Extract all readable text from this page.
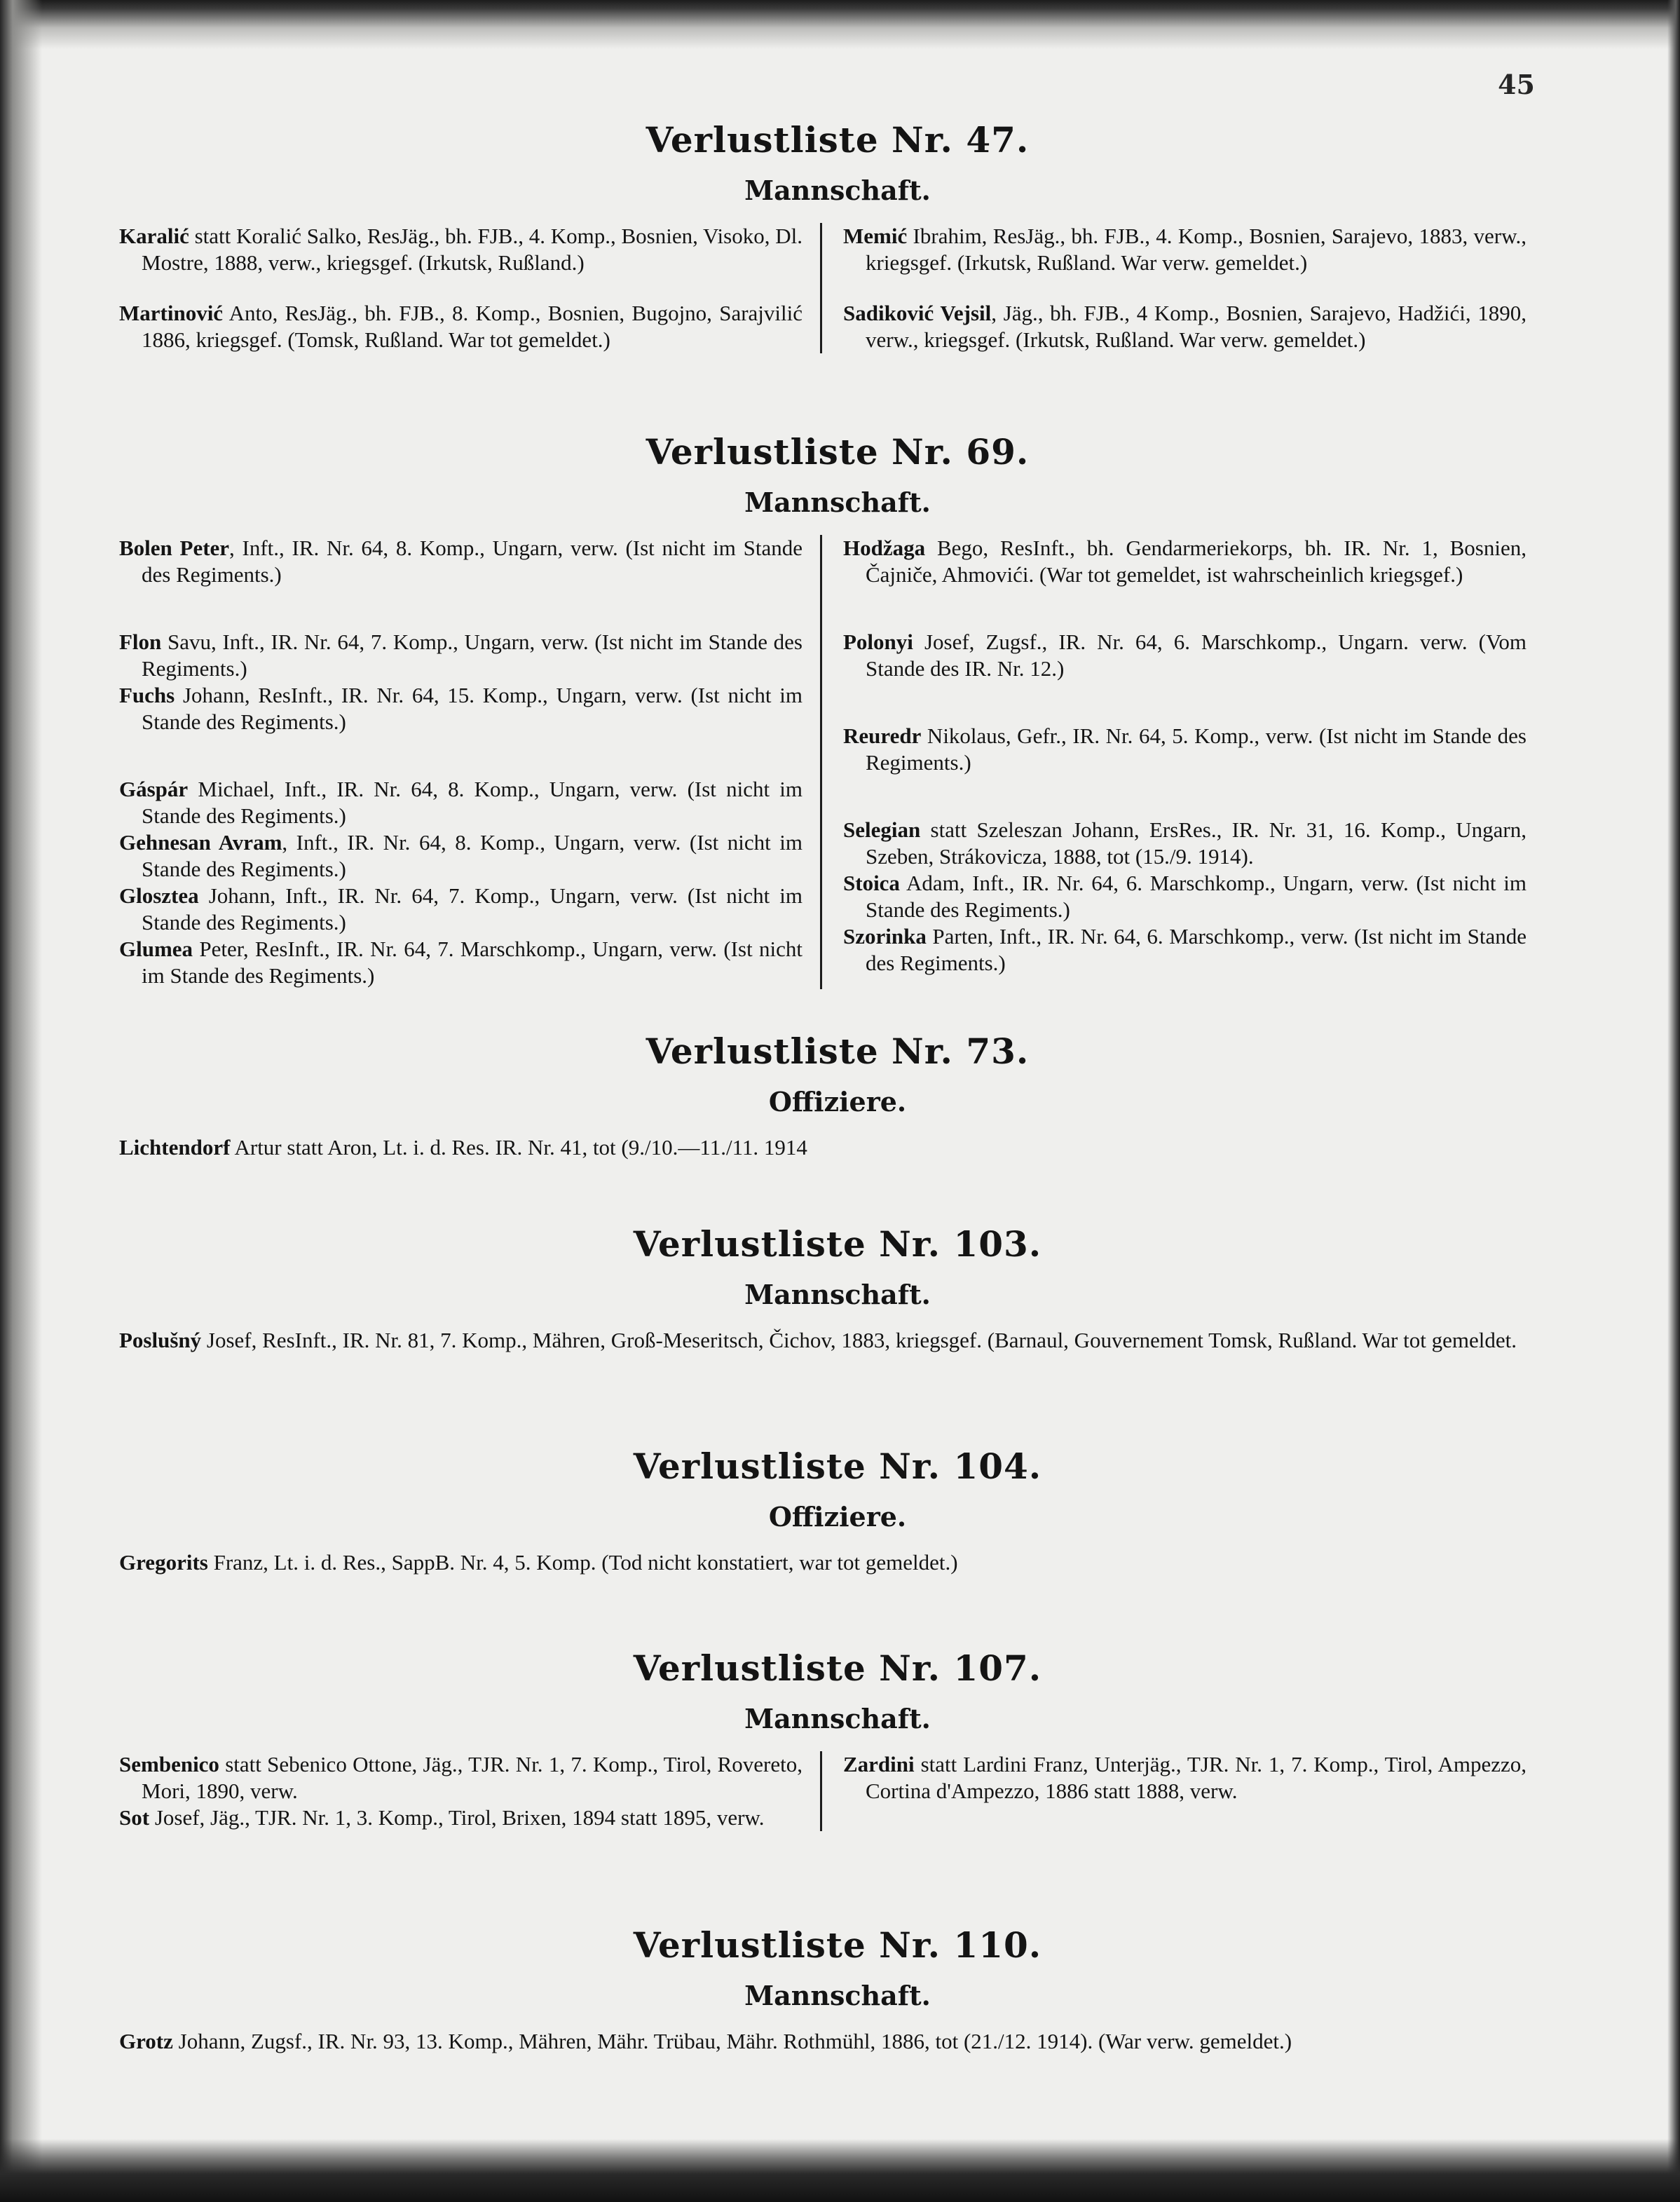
45
Verlustliste Nr. 47.
Mannschaft.

Karalić statt Koralić Salko, ResJäg., bh. FJB., 4. Komp., Bosnien, Visoko, Dl. Mostre, 1888, verw., kriegsgef. (Irkutsk, Rußland.)

Martinović Anto, ResJäg., bh. FJB., 8. Komp., Bosnien, Bugojno, Sarajvilić 1886, kriegsgef. (Tomsk, Rußland. War tot gemeldet.)

Memić Ibrahim, ResJäg., bh. FJB., 4. Komp., Bosnien, Sarajevo, 1883, verw., kriegsgef. (Irkutsk, Rußland. War verw. gemeldet.)

Sadiković Vejsil, Jäg., bh. FJB., 4 Komp., Bosnien, Sarajevo, Hadžići, 1890, verw., kriegsgef. (Irkutsk, Rußland. War verw. gemeldet.)

Verlustliste Nr. 69.
Mannschaft.

Bolen Peter, Inft., IR. Nr. 64, 8. Komp., Ungarn, verw. (Ist nicht im Stande des Regiments.)

Flon Savu, Inft., IR. Nr. 64, 7. Komp., Ungarn, verw. (Ist nicht im Stande des Regiments.)

Fuchs Johann, ResInft., IR. Nr. 64, 15. Komp., Ungarn, verw. (Ist nicht im Stande des Regiments.)

Gáspár Michael, Inft., IR. Nr. 64, 8. Komp., Ungarn, verw. (Ist nicht im Stande des Regiments.)

Gehnesan Avram, Inft., IR. Nr. 64, 8. Komp., Ungarn, verw. (Ist nicht im Stande des Regiments.)

Glosztea Johann, Inft., IR. Nr. 64, 7. Komp., Ungarn, verw. (Ist nicht im Stande des Regiments.)

Glumea Peter, ResInft., IR. Nr. 64, 7. Marschkomp., Ungarn, verw. (Ist nicht im Stande des Regiments.)

Hodžaga Bego, ResInft., bh. Gendarmeriekorps, bh. IR. Nr. 1, Bosnien, Čajniče, Ahmovići. (War tot gemeldet, ist wahrscheinlich kriegsgef.)

Polonyi Josef, Zugsf., IR. Nr. 64, 6. Marschkomp., Ungarn. verw. (Vom Stande des IR. Nr. 12.)

Reuredr Nikolaus, Gefr., IR. Nr. 64, 5. Komp., verw. (Ist nicht im Stande des Regiments.)

Selegian statt Szeleszan Johann, ErsRes., IR. Nr. 31, 16. Komp., Ungarn, Szeben, Strákovicza, 1888, tot (15./9. 1914).

Stoica Adam, Inft., IR. Nr. 64, 6. Marschkomp., Ungarn, verw. (Ist nicht im Stande des Regiments.)

Szorinka Parten, Inft., IR. Nr. 64, 6. Marschkomp., verw. (Ist nicht im Stande des Regiments.)

Verlustliste Nr. 73.
Offiziere.

Lichtendorf Artur statt Aron, Lt. i. d. Res. IR. Nr. 41, tot (9./10.—11./11. 1914

Verlustliste Nr. 103.
Mannschaft.

Poslušný Josef, ResInft., IR. Nr. 81, 7. Komp., Mähren, Groß-Meseritsch, Čichov, 1883, kriegsgef. (Barnaul, Gouvernement Tomsk, Rußland. War tot gemeldet.

Verlustliste Nr. 104.
Offiziere.

Gregorits Franz, Lt. i. d. Res., SappB. Nr. 4, 5. Komp. (Tod nicht konstatiert, war tot gemeldet.)

Verlustliste Nr. 107.
Mannschaft.

Sembenico statt Sebenico Ottone, Jäg., TJR. Nr. 1, 7. Komp., Tirol, Rovereto, Mori, 1890, verw.

Sot Josef, Jäg., TJR. Nr. 1, 3. Komp., Tirol, Brixen, 1894 statt 1895, verw.

Zardini statt Lardini Franz, Unterjäg., TJR. Nr. 1, 7. Komp., Tirol, Ampezzo, Cortina d'Ampezzo, 1886 statt 1888, verw.

Verlustliste Nr. 110.
Mannschaft.

Grotz Johann, Zugsf., IR. Nr. 93, 13. Komp., Mähren, Mähr. Trübau, Mähr. Rothmühl, 1886, tot (21./12. 1914). (War verw. gemeldet.)
